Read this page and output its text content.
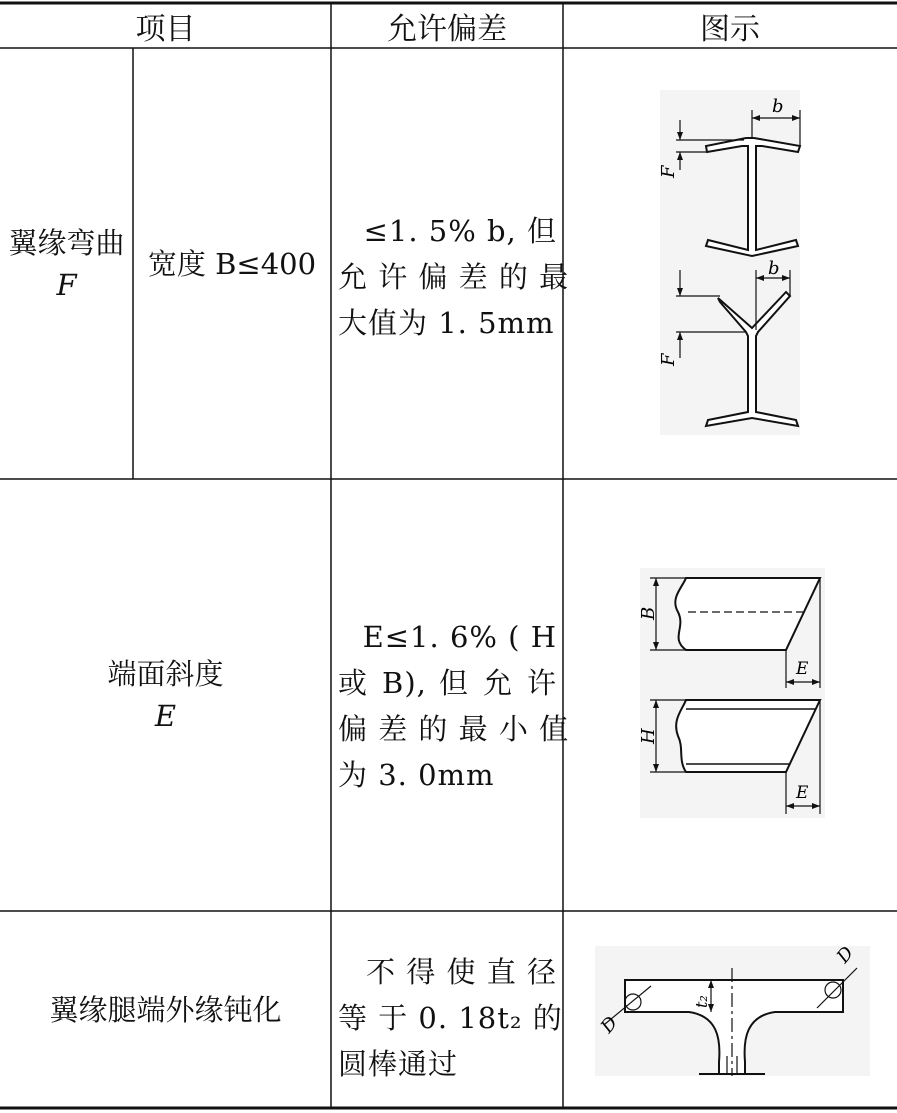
项目	允许偏差	图示
翼缘弯曲
F
宽度 B≤400
≤1. 5% b, 但
允 许 偏 差 的 最
大值为 1. 5mm
b
F
b
F
端面斜度
E
E≤1. 6% ( H
或 B), 但 允 许
偏 差 的 最 小 值
为 3. 0mm
B
E
H
E
翼缘腿端外缘钝化
不 得 使 直 径
等 于 0. 18t₂ 的
圆棒通过
D
t₂
D
